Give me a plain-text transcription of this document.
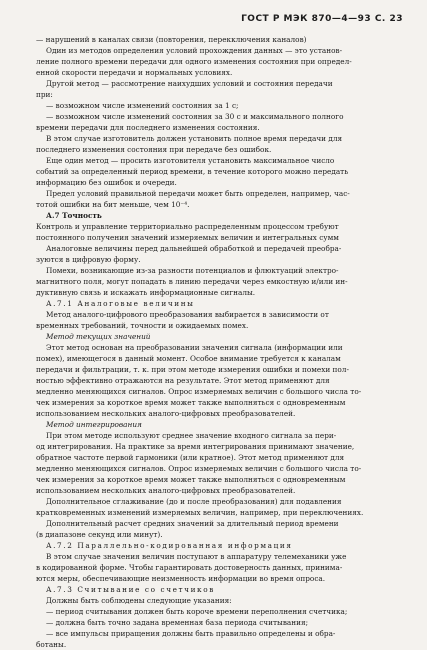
ГОСТ Р МЭК 870—4—93 С. 23
— нарушений в каналах связи (повторения, перекключения каналов)
Один из методов определения условий прохождения данных — это установ-
ление полного времени передачи для одного изменения состояния при определ-
енной скорости передачи и нормальных условиях.
Другой метод — рассмотрение наихудших условий и состояния передачи
при:
— возможном числе изменений состояния за 1 с;
— возможном числе изменений состояния за 30 с и максимального полного
времени передачи для последнего изменения состояния.
В этом случае изготовитель должен установить полное время передачи для
последнего изменения состояния при передаче без ошибок.
Еще один метод — просить изготовителя установить максимальное число
событий за определенный период времени, в течение которого можно передать
информацию без ошибок и очереди.
Предел условий правильной передачи может быть определен, например, час-
тотой ошибки на бит меньше, чем 10⁻⁴.
А.7 Точность
Контроль и управление территориально распределенным процессом требуют
постоянного получения значений измеряемых величин и интегральных сумм
Аналоговые величины перед дальнейшей обработкой и передачей преобра-
зуются в цифровую форму.
Помехи, возникающие из-за разности потенциалов и флюктуаций электро-
магнитного поля, могут попадать в линию передачи через емкостную и/или ин-
дуктивную связь и искажать информационные сигналы.
А.7.1 Аналоговые величины
Метод аналого-цифрового преобразования выбирается в зависимости от
временных требований, точности и ожидаемых помех.
Метод текущих значений
Этот метод основан на преобразовании значения сигнала (информации или
помех), имеющегося в данный момент. Особое внимание требуется к каналам
передачи и фильтрации, т. к. при этом методе измерения ошибки и помехи пол-
ностью эффективно отражаются на результате. Этот метод применяют для
медленно меняющихся сигналов. Опрос измеряемых величин с большого числа то-
чек измерения за короткое время может также выполняться с одновременным
использованием нескольких аналого-цифровых преобразователей.
Метод интегрирования
При этом методе используют среднее значение входного сигнала за пери-
од интегрирования. На практике за время интегрирования принимают значение,
обратное частоте первой гармоники (или кратное). Этот метод применяют для
медленно меняющихся сигналов. Опрос измеряемых величин с большого числа то-
чек измерения за короткое время может также выполняться с одновременным
использованием нескольких аналого-цифровых преобразователей.
Дополнительное сглаживание (до и после преобразования) для подавления
кратковременных изменений измеряемых величин, например, при переключениях.
Дополнительный расчет средних значений за длительный период времени
(в диапазоне секунд или минут).
А.7.2 Параллельно-кодированная информация
В этом случае значения величин поступают в аппаратуру телемеханики уже
в кодированной форме. Чтобы гарантировать достоверность данных, принима-
ются меры, обеспечивающие неизменность информации во время опроса.
А.7.3 Считывание со счетчиков
Должны быть соблюдены следующие указания:
— период считывания должен быть короче времени переполнения счетчика;
— должна быть точно задана временная база периода считывания;
— все импульсы приращения должны быть правильно определены и обра-
ботаны.
